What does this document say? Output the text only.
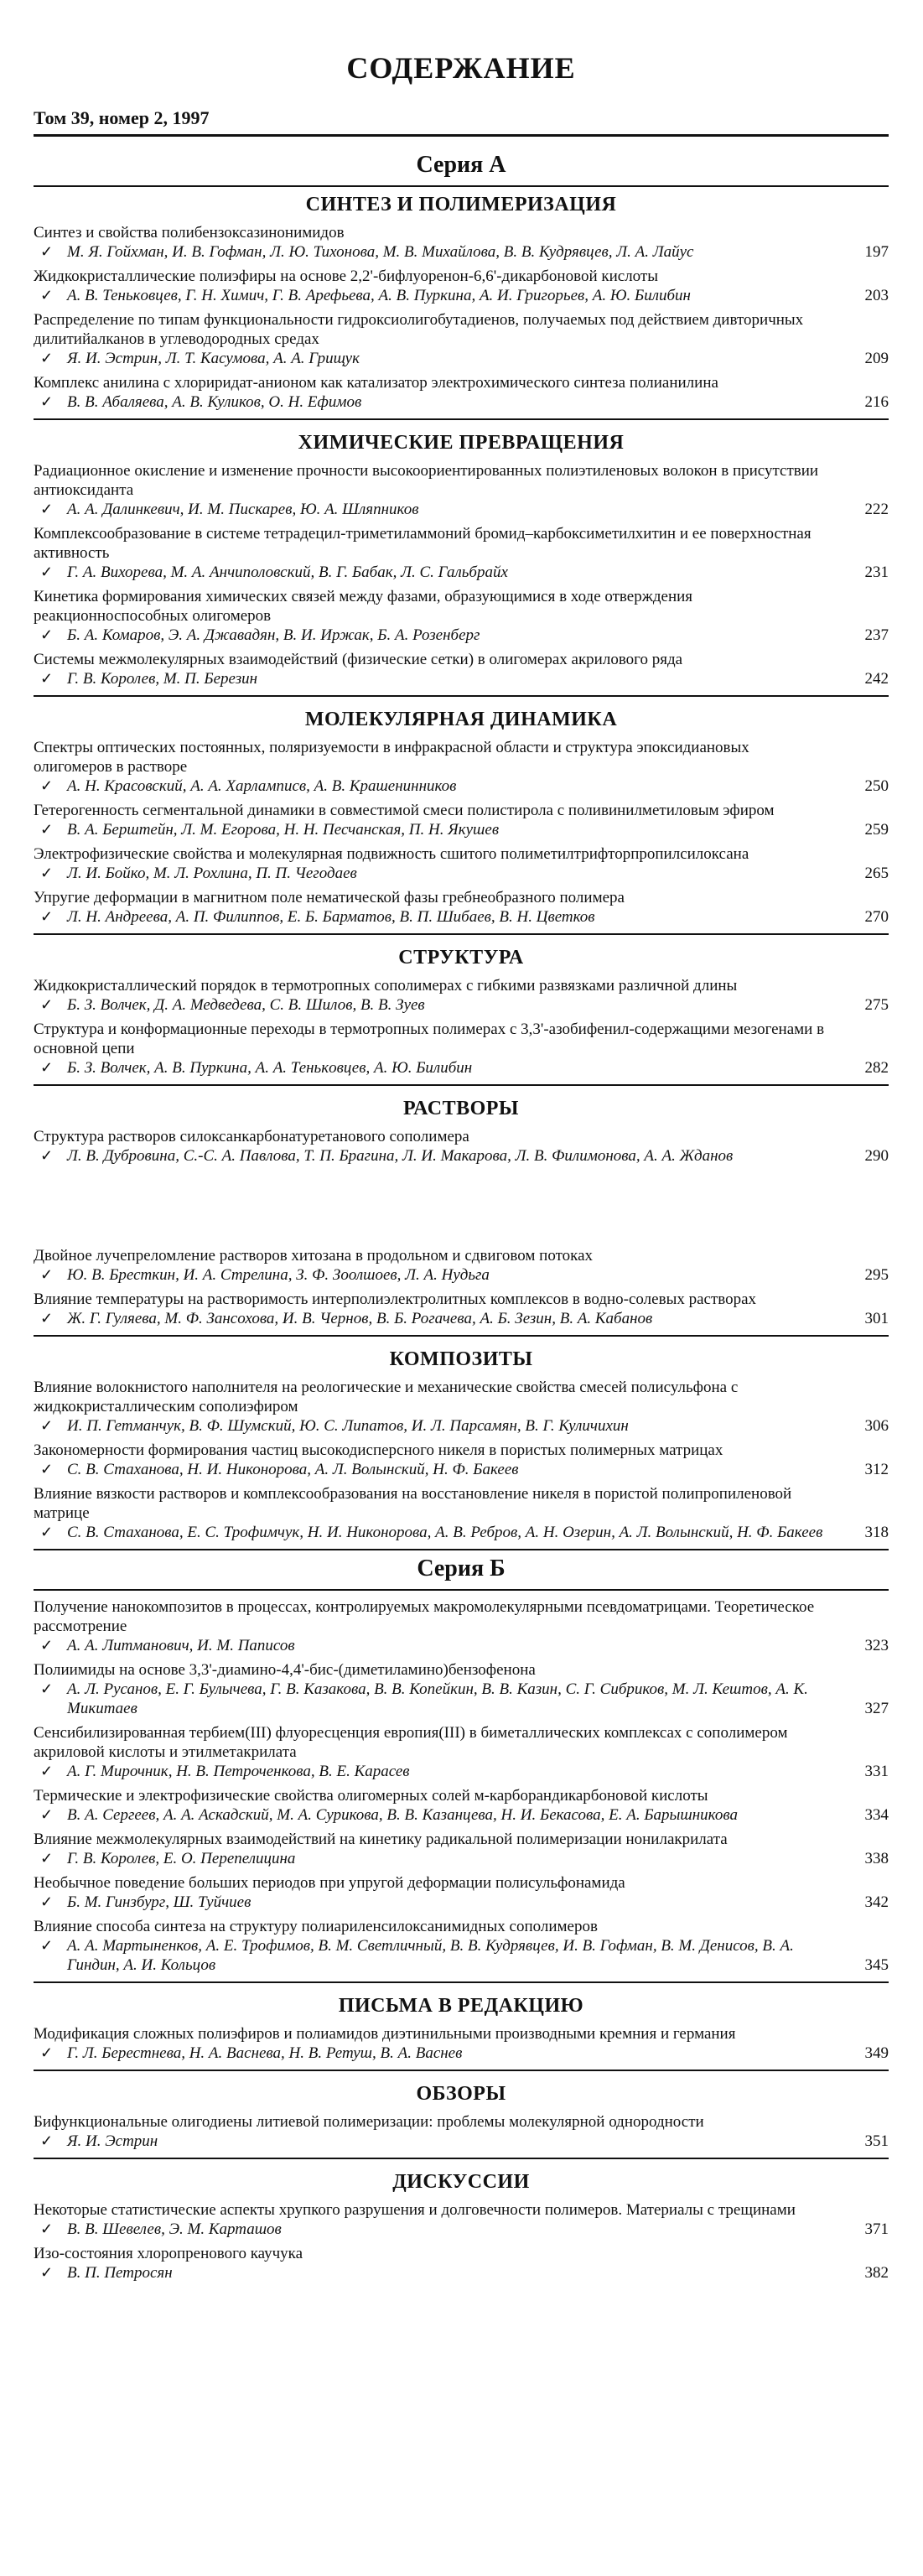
СОДЕРЖАНИЕ
Том 39, номер 2, 1997
Серия А
СИНТЕЗ И ПОЛИМЕРИЗАЦИЯ
Синтез и свойства полибензоксазинонимидов
✓ М. Я. Гойхман, И. В. Гофман, Л. Ю. Тихонова, М. В. Михайлова, В. В. Кудрявцев, Л. А. Лайус	197
Жидкокристаллические полиэфиры на основе 2,2'-бифлуоренон-6,6'-дикарбоновой кислоты
✓ А. В. Тенькoвцев, Г. Н. Химич, Г. В. Арефьева, А. В. Пуркина, А. И. Григорьев, А. Ю. Билибин	203
Распределение по типам функциональности гидроксиолигобутадиенов, получаемых под действием дивторичных дилитийалканов в углеводородных средах
✓ Я. И. Эстрин, Л. Т. Касумова, А. А. Грищук	209
Комплекс анилина с хлориридат-анионом как катализатор электрохимического синтеза полианилина
✓ В. В. Абаляева, А. В. Куликов, О. Н. Ефимов	216
ХИМИЧЕСКИЕ ПРЕВРАЩЕНИЯ
Радиационное окисление и изменение прочности высокоориентированных полиэтиленовых волокон в присутствии антиоксиданта
✓ А. А. Далинкевич, И. М. Пискарев, Ю. А. Шляпников	222
Комплексообразование в системе тетрадецил-триметиламмоний бромид–карбоксиметилхитин и ее поверхностная активность
✓ Г. А. Вихорева, М. А. Анчиполовский, В. Г. Бабак, Л. С. Гальбрайх	231
Кинетика формирования химических связей между фазами, образующимися в ходе отверждения реакционноспособных олигомеров
✓ Б. А. Комаров, Э. А. Джавадян, В. И. Иржак, Б. А. Розенберг	237
Системы межмолекулярных взаимодействий (физические сетки) в олигомерах акрилового ряда
✓ Г. В. Королев, М. П. Березин	242
МОЛЕКУЛЯРНАЯ ДИНАМИКА
Спектры оптических постоянных, поляризуемости в инфракрасной области и структура эпоксидиановых олигомеров в растворе
✓ А. Н. Красовский, А. А. Харламписв, А. В. Крашенинников	250
Гетерогенность сегментальной динамики в совместимой смеси полистирола с поливинилметиловым эфиром
✓ В. А. Берштейн, Л. М. Егорова, Н. Н. Песчанская, П. Н. Якушев	259
Электрофизические свойства и молекулярная подвижность сшитого полиметилтрифторпропилсилоксана
✓ Л. И. Бойко, М. Л. Рохлина, П. П. Чегодаев	265
Упругие деформации в магнитном поле нематической фазы гребнеобразного полимера
✓ Л. Н. Андреева, А. П. Филиппов, Е. Б. Барматов, В. П. Шибаев, В. Н. Цветков	270
СТРУКТУРА
Жидкокристаллический порядок в термотропных сополимерах с гибкими развязками различной длины
✓ Б. З. Волчек, Д. А. Медведева, С. В. Шилов, В. В. Зуев	275
Структура и конформационные переходы в термотропных полимерах с 3,3'-азобифенил-содержащими мезогенами в основной цепи
✓ Б. З. Волчек, А. В. Пуркина, А. А. Тенькoвцев, А. Ю. Билибин	282
РАСТВОРЫ
Структура растворов силоксанкарбонатуретанового сополимера
✓ Л. В. Дубровина, С.-С. А. Павлова, Т. П. Брагина, Л. И. Макарова, Л. В. Филимонова, А. А. Жданов	290
Двойное лучепреломление растворов хитозана в продольном и сдвиговом потоках
✓ Ю. В. Бресткин, И. А. Стрелина, З. Ф. Зоолшоев, Л. А. Нудьга	295
Влияние температуры на растворимость интерполиэлектролитных комплексов в водно-солевых растворах
✓ Ж. Г. Гуляева, М. Ф. Занcохова, И. В. Чернов, В. Б. Рогачева, А. Б. Зезин, В. А. Кабанов	301
КОМПОЗИТЫ
Влияние волокнистого наполнителя на реологические и механические свойства смесей полисульфона с жидкокристаллическим сополиэфиром
✓ И. П. Гетманчук, В. Ф. Шумский, Ю. С. Липатов, И. Л. Парсамян, В. Г. Куличихин	306
Закономерности формирования частиц высокодисперсного никеля в пористых полимерных матрицах
✓ С. В. Стаханова, Н. И. Никонорова, А. Л. Волынский, Н. Ф. Бакеев	312
Влияние вязкости растворов и комплексообразования на восстановление никеля в пористой полипропиленовой матрице
✓ С. В. Стаханова, Е. С. Трофимчук, Н. И. Никонорова, А. В. Ребров, А. Н. Озерин, А. Л. Волынский, Н. Ф. Бакеев	318
Серия Б
Получение нанокомпозитов в процессах, контролируемых макромолекулярными псевдоматрицами. Теоретическое рассмотрение
✓ А. А. Литманович, И. М. Паписов	323
Полиимиды на основе 3,3'-диамино-4,4'-бис-(диметиламино)бензофенона
✓ А. Л. Русанов, Е. Г. Булычева, Г. В. Казакова, В. В. Копейкин, В. В. Казин, С. Г. Сибриков, М. Л. Кештов, А. К. Микитаев	327
Сенсибилизированная тербием(III) флуоресценция европия(III) в биметаллических комплексах с сополимером акриловой кислоты и этилметакрилата
✓ А. Г. Мирочник, Н. В. Петроченкова, В. Е. Карасев	331
Термические и электрофизические свойства олигомерных солей м-карборандикарбоновой кислоты
✓ В. А. Сергеев, А. А. Аскадский, М. А. Сурикова, В. В. Казанцева, Н. И. Бекасова, Е. А. Барышникова	334
Влияние межмолекулярных взаимодействий на кинетику радикальной полимеризации нонилакрилата
✓ Г. В. Королев, Е. О. Перепелицина	338
Необычное поведение больших периодов при упругой деформации полисульфонамида
✓ Б. М. Гинзбург, Ш. Туйчиев	342
Влияние способа синтеза на структуру полиариленсилоксанимидных сополимеров
✓ А. А. Мартыненков, А. Е. Трофимов, В. М. Светличный, В. В. Кудрявцев, И. В. Гофман, В. М. Денисов, В. А. Гиндин, А. И. Кольцов	345
ПИСЬМА В РЕДАКЦИЮ
Модификация сложных полиэфиров и полиамидов диэтинильными производными кремния и германия
✓ Г. Л. Берестнева, Н. А. Васнева, Н. В. Ретуш, В. А. Васнев	349
ОБЗОРЫ
Бифункциональные олигодиены литиевой полимеризации: проблемы молекулярной однородности
✓ Я. И. Эстрин	351
ДИСКУССИИ
Некоторые статистические аспекты хрупкого разрушения и долговечности полимеров. Материалы с трещинами
✓ В. В. Шевелев, Э. М. Карташов	371
Изо-состояния хлоропренового каучука
✓ В. П. Петросян	382
